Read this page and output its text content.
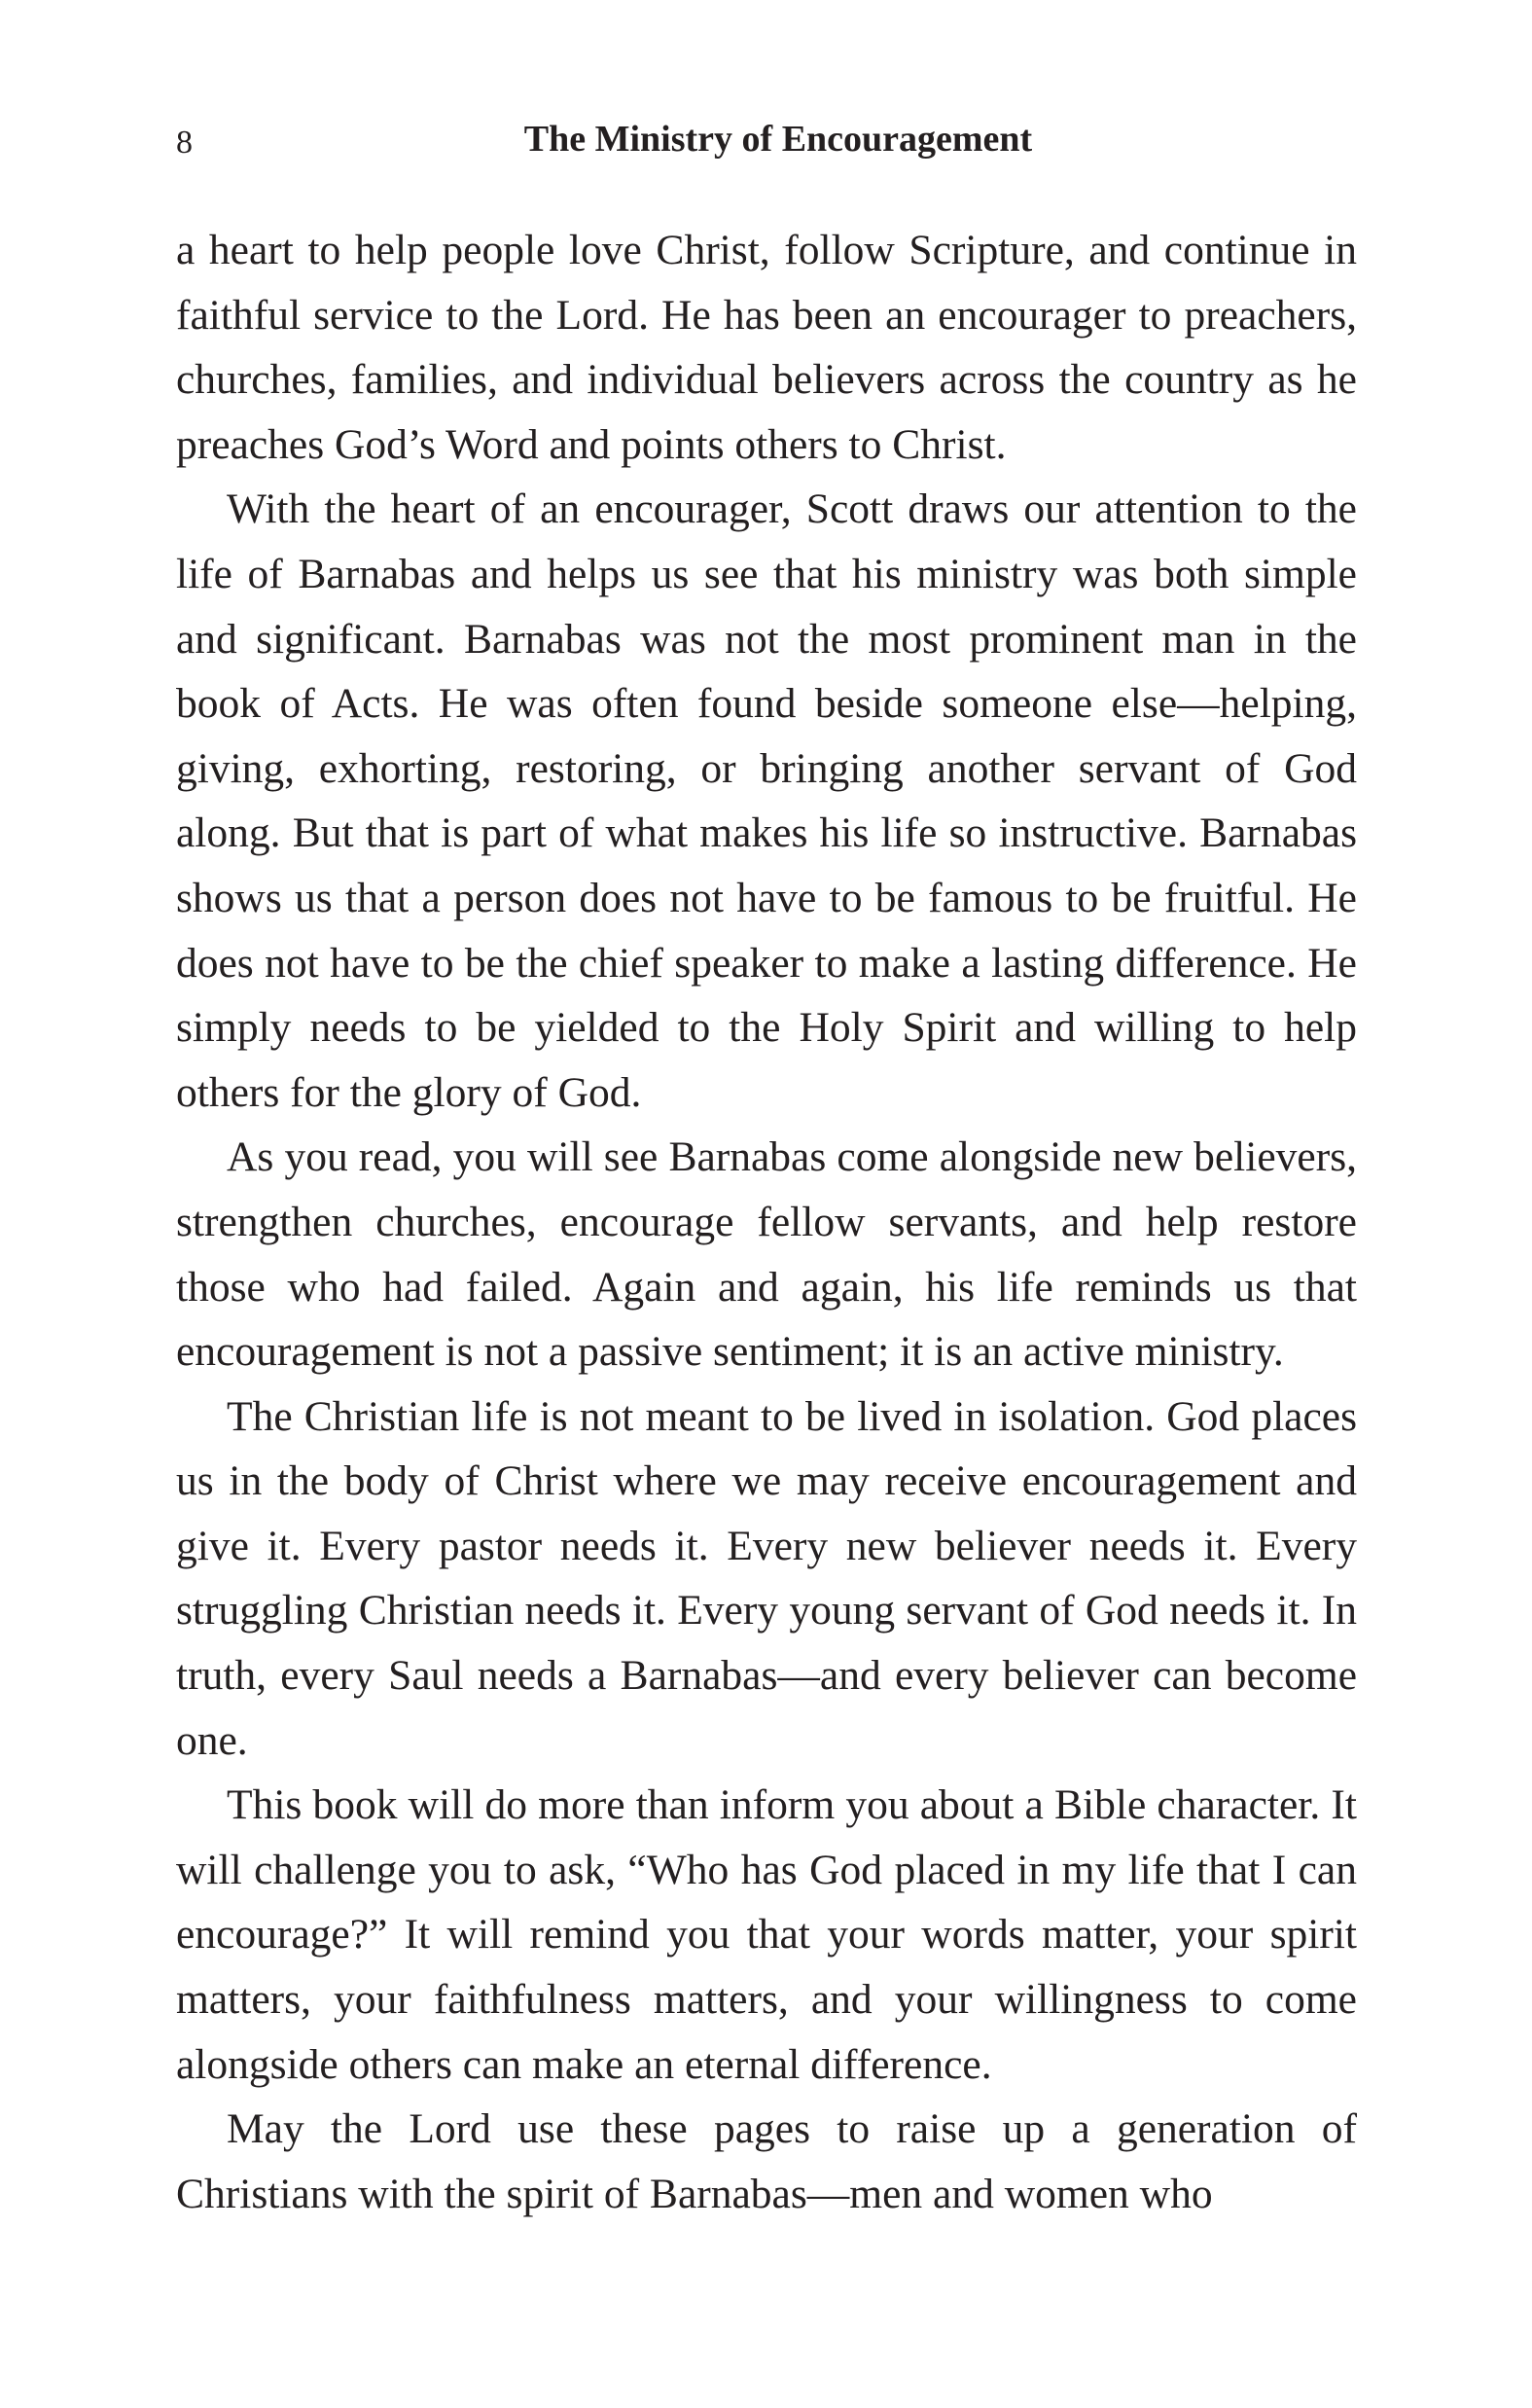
8	The Ministry of Encouragement

a heart to help people love Christ, follow Scripture, and continue in faithful service to the Lord. He has been an encourager to preachers, churches, families, and individual believers across the country as he preaches God’s Word and points others to Christ.

With the heart of an encourager, Scott draws our attention to the life of Barnabas and helps us see that his ministry was both simple and significant. Barnabas was not the most prominent man in the book of Acts. He was often found beside someone else—helping, giving, exhorting, restoring, or bringing another servant of God along. But that is part of what makes his life so instructive. Barnabas shows us that a person does not have to be famous to be fruitful. He does not have to be the chief speaker to make a lasting difference. He simply needs to be yielded to the Holy Spirit and willing to help others for the glory of God.

As you read, you will see Barnabas come alongside new believers, strengthen churches, encourage fellow servants, and help restore those who had failed. Again and again, his life reminds us that encouragement is not a passive sentiment; it is an active ministry.

The Christian life is not meant to be lived in isolation. God places us in the body of Christ where we may receive encouragement and give it. Every pastor needs it. Every new believer needs it. Every struggling Christian needs it. Every young servant of God needs it. In truth, every Saul needs a Barnabas—and every believer can become one.

This book will do more than inform you about a Bible character. It will challenge you to ask, “Who has God placed in my life that I can encourage?” It will remind you that your words matter, your spirit matters, your faithfulness matters, and your willingness to come alongside others can make an eternal difference.

May the Lord use these pages to raise up a generation of Christians with the spirit of Barnabas—men and women who
